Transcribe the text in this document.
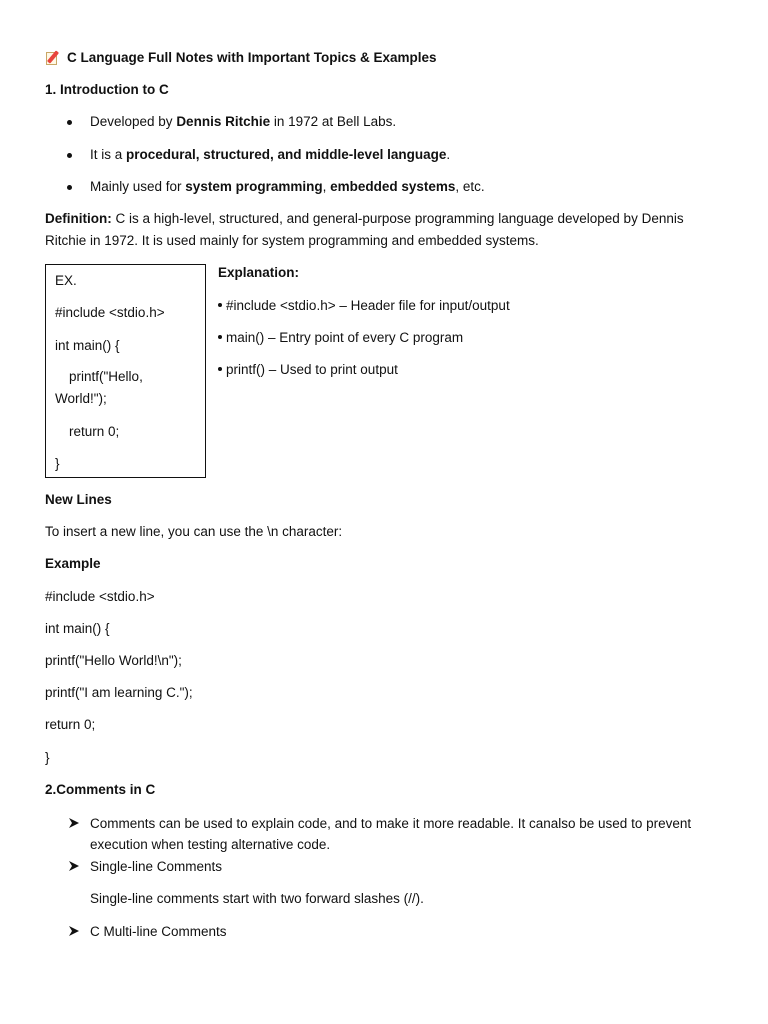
C Language Full Notes with Important Topics & Examples
1. Introduction to C
Developed by Dennis Ritchie in 1972 at Bell Labs.
It is a procedural, structured, and middle-level language.
Mainly used for system programming, embedded systems, etc.
Definition: C is a high-level, structured, and general-purpose programming language developed by Dennis Ritchie in 1972. It is used mainly for system programming and embedded systems.
EX.
#include <stdio.h>
int main() {
printf("Hello, World!");
return 0;
}
Explanation:
#include <stdio.h> – Header file for input/output
main() – Entry point of every C program
printf() – Used to print output
New Lines
To insert a new line, you can use the \n character:
Example
#include <stdio.h>
int main() {
printf("Hello World!\n");
printf("I am learning C.");
return 0;
}
2.Comments in C
Comments can be used to explain code, and to make it more readable. It canalso be used to prevent execution when testing alternative code.
Single-line Comments
Single-line comments start with two forward slashes (//).
C Multi-line Comments
